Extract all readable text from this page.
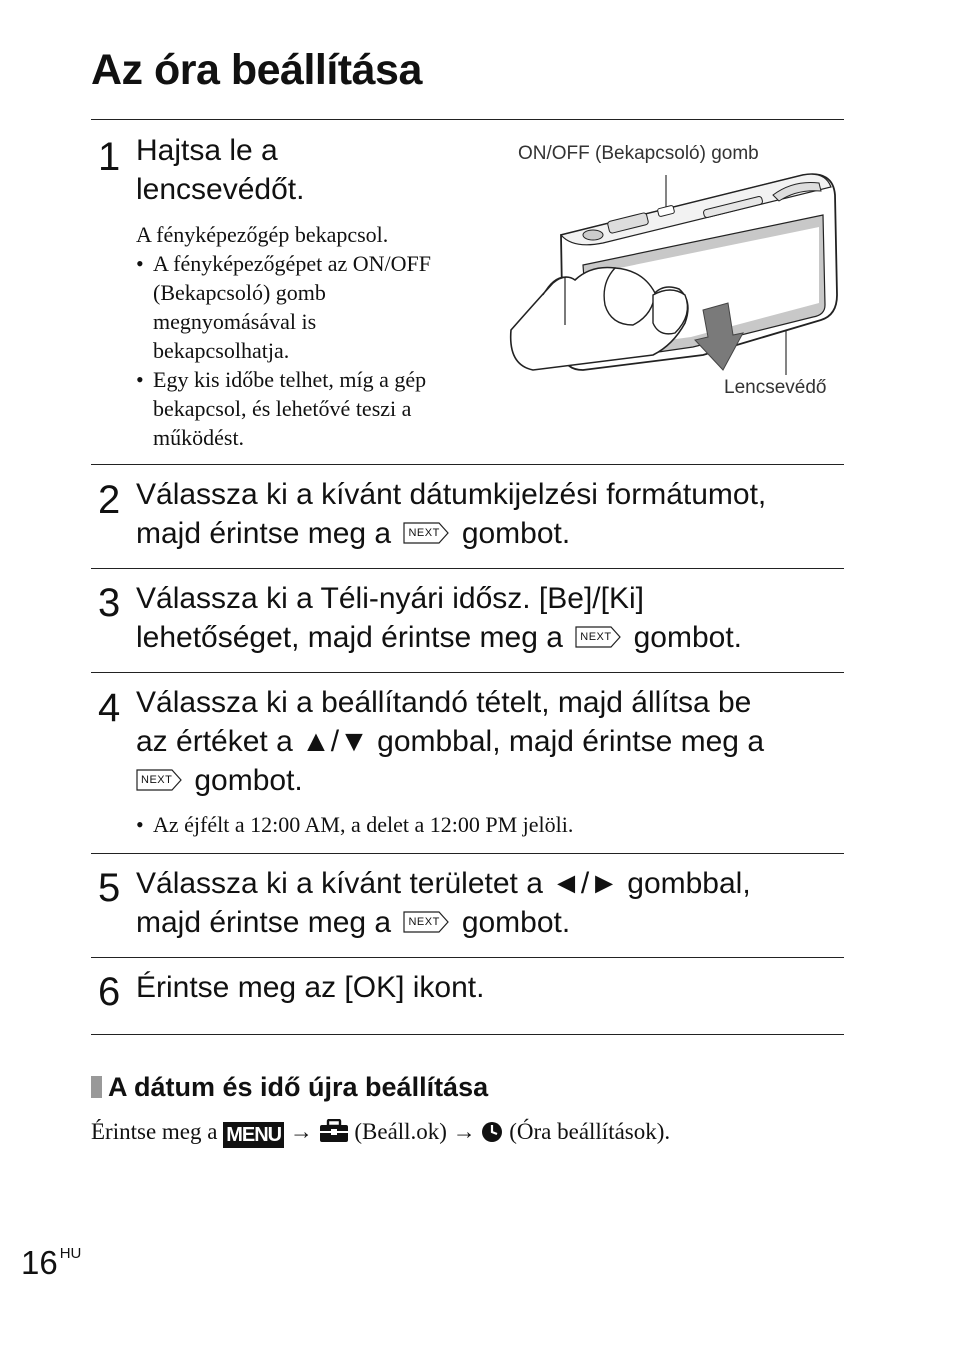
Az óra beállítása
1 Hajtsa le a
lencsevédőt.
A fényképezőgép bekapcsol.
• A fényképezőgépet az ON/OFF
(Bekapcsoló) gomb
megnyomásával is
bekapcsolhatja.
• Egy kis időbe telhet, míg a gép
bekapcsol, és lehetővé teszi a
működést.
ON/OFF (Bekapcsoló) gomb
Lencsevédő
2 Válassza ki a kívánt dátumkijelzési formátumot,
majd érintse meg a NEXT gombot.
3 Válassza ki a Téli-nyári idősz. [Be]/[Ki]
lehetőséget, majd érintse meg a NEXT gombot.
4 Válassza ki a beállítandó tételt, majd állítsa be
az értéket a ▲/▼ gombbal, majd érintse meg a
NEXT gombot.
• Az éjfélt a 12:00 AM, a delet a 12:00 PM jelöli.
5 Válassza ki a kívánt területet a ◄/► gombbal,
majd érintse meg a NEXT gombot.
6 Érintse meg az [OK] ikont.
A dátum és idő újra beállítása
Érintse meg a MENU → (Beáll.ok) → (Óra beállítások).
16 $^{HU}$
